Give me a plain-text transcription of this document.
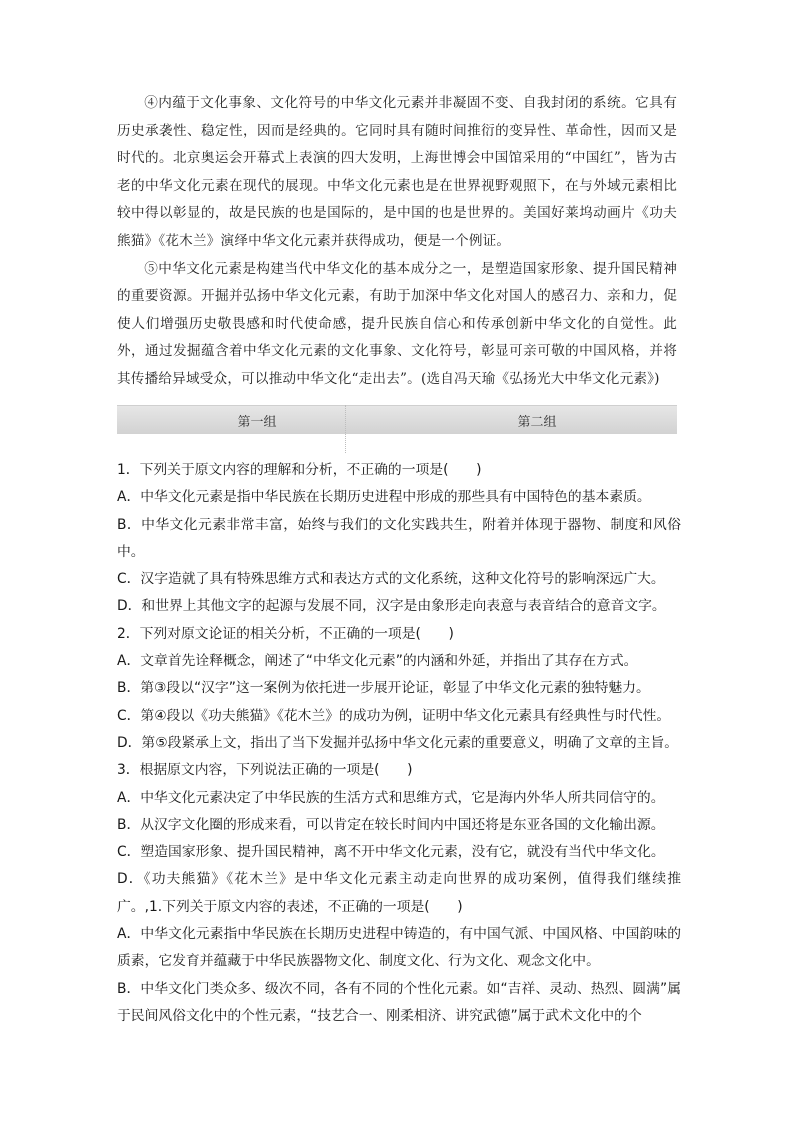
④内蕴于文化事象、文化符号的中华文化元素并非凝固不变、自我封闭的系统。它具有历史承袭性、稳定性，因而是经典的。它同时具有随时间推衍的变异性、革命性，因而又是时代的。北京奥运会开幕式上表演的四大发明，上海世博会中国馆采用的“中国红”，皆为古老的中华文化元素在现代的展现。中华文化元素也是在世界视野观照下，在与外域元素相比较中得以彰显的，故是民族的也是国际的，是中国的也是世界的。美国好莱坞动画片《功夫熊猫》《花木兰》演绎中华文化元素并获得成功，便是一个例证。

⑤中华文化元素是构建当代中华文化的基本成分之一，是塑造国家形象、提升国民精神的重要资源。开掘并弘扬中华文化元素，有助于加深中华文化对国人的感召力、亲和力，促使人们增强历史敬畏感和时代使命感，提升民族自信心和传承创新中华文化的自觉性。此外，通过发掘蕴含着中华文化元素的文化事象、文化符号，彰显可亲可敬的中国风格，并将其传播给异域受众，可以推动中华文化“走出去”。(选自冯天瑜《弘扬光大中华文化元素》)

第一组	第二组
1．下列关于原文内容的理解和分析，不正确的一项是(　　)
A．中华文化元素是指中华民族在长期历史进程中形成的那些具有中国特色的基本素质。
B．中华文化元素非常丰富，始终与我们的文化实践共生，附着并体现于器物、制度和风俗中。
C．汉字造就了具有特殊思维方式和表达方式的文化系统，这种文化符号的影响深远广大。
D．和世界上其他文字的起源与发展不同，汉字是由象形走向表意与表音结合的意音文字。
2．下列对原文论证的相关分析，不正确的一项是(　　)
A．文章首先诠释概念，阐述了“中华文化元素”的内涵和外延，并指出了其存在方式。
B．第③段以“汉字”这一案例为依托进一步展开论证，彰显了中华文化元素的独特魅力。
C．第④段以《功夫熊猫》《花木兰》的成功为例，证明中华文化元素具有经典性与时代性。
D．第⑤段紧承上文，指出了当下发掘并弘扬中华文化元素的重要意义，明确了文章的主旨。
3．根据原文内容，下列说法正确的一项是(　　)
A．中华文化元素决定了中华民族的生活方式和思维方式，它是海内外华人所共同信守的。
B．从汉字文化圈的形成来看，可以肯定在较长时间内中国还将是东亚各国的文化输出源。
C．塑造国家形象、提升国民精神，离不开中华文化元素，没有它，就没有当代中华文化。
D．《功夫熊猫》《花木兰》是中华文化元素主动走向世界的成功案例，值得我们继续推广。,1.下列关于原文内容的表述，不正确的一项是(　　)
A．中华文化元素指中华民族在长期历史进程中铸造的，有中国气派、中国风格、中国韵味的质素，它发育并蕴藏于中华民族器物文化、制度文化、行为文化、观念文化中。
B．中华文化门类众多、级次不同，各有不同的个性化元素。如“吉祥、灵动、热烈、圆满”属于民间风俗文化中的个性元素，“技艺合一、刚柔相济、讲究武德”属于武术文化中的个
